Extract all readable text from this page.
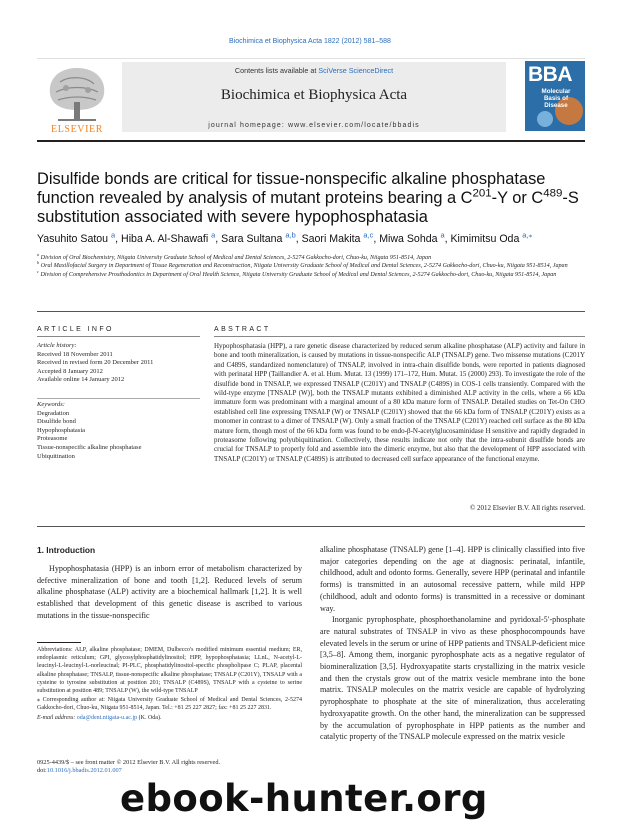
Biochimica et Biophysica Acta 1822 (2012) 581–588
ELSEVIER
Contents lists available at SciVerse ScienceDirect
Biochimica et Biophysica Acta
journal homepage: www.elsevier.com/locate/bbadis
BBA
Molecular
Basis of
Disease
Disulfide bonds are critical for tissue-nonspecific alkaline phosphatase function revealed by analysis of mutant proteins bearing a $C^{201}-Y$ or $C^{489}-S$ substitution associated with severe hypophosphatasia
Yasuhito Satou $^a$, Hiba A. Al-Shawafi $^a$, Sara Sultana $^{a,b}$, Saori Makita $^{a,c}$, Miwa Sohda $^a$, Kimimitsu Oda $^{a,⁎}$

$^a$ Division of Oral Biochemistry, Niigata University Graduate School of Medical and Dental Sciences, 2-5274 Gakkocho-dori, Chuo-ku, Niigata 951-8514, Japan

$^b$ Oral Maxillofacial Surgery in Department of Tissue Regeneration and Reconstruction, Niigata University Graduate School of Medical and Dental Sciences, 2-5274 Gakkocho-dori, Chuo-ku, Niigata 951-8514, Japan

$^c$ Division of Comprehensive Prosthodontics in Department of Oral Health Science, Niigata University Graduate School of Medical and Dental Sciences, 2-5274 Gakkocho-dori, Chuo-ku, Niigata 951-8514, Japan

ARTICLE INFO	ABSTRACT

Article history:

Received 18 November 2011

Received in revised form 20 December 2011

Accepted 8 January 2012

Available online 14 January 2012

Keywords:

Degradation

Disulfide bond

Hypophosphatasia

Proteasome

Tissue-nonspecific alkaline phosphatase

Ubiquitination

Hypophosphatasia (HPP), a rare genetic disease characterized by reduced serum alkaline phosphatase (ALP) activity and failure in bone and tooth mineralization, is caused by mutations in tissue-nonspecific ALP (TNSALP) gene. Two missense mutations (C201Y and C489S, standardized nomenclature) of TNSALP, involved in intra-chain disulfide bonds, were reported in patients diagnosed with perinatal HPP (Taillandier A. et al. Hum. Mutat. 13 (1999) 171–172, Hum. Mutat. 15 (2000) 293). To investigate the role of the disulfide bond in TNSALP, we expressed TNSALP (C201Y) and TNSALP (C489S) in COS-1 cells transiently. Compared with the wild-type enzyme [TNSALP (W)], both the TNSALP mutants exhibited a diminished ALP activity in the cells, where a 66 kDa immature form was predominant with a marginal amount of a 80 kDa mature form of TNSALP. Detailed studies on Tet-On CHO established cell line expressing TNSALP (W) or TNSALP (C201Y) showed that the 66 kDa form of TNSALP (C201Y) exists as a monomer in contrast to a dimer of TNSALP (W). Only a small fraction of the TNSALP (C201Y) reached cell surface as the 80 kDa mature form, though most of the 66 kDa form was found to be endo-β-N-acetylglucosaminidase H sensitive and rapidly degraded in proteasome following polyubiquitination. Collectively, these results indicate not only that the intra-subunit disulfide bonds are crucial for TNSALP to properly fold and assemble into the dimeric enzyme, but also that the development of HPP associated with TNSALP (C201Y) or TNSALP (C489S) is attributed to decreased cell surface appearance of the functional enzyme.
© 2012 Elsevier B.V. All rights reserved.
1. Introduction

Hypophosphatasia (HPP) is an inborn error of metabolism characterized by defective mineralization of bone and tooth [1,2]. Reduced levels of serum alkaline phosphatase (ALP) activity are a biochemical hallmark [1,2]. It is well established that development of this genetic disease is ascribed to various mutations in the tissue-nonspecific

alkaline phosphatase (TNSALP) gene [1–4]. HPP is clinically classified into five major categories depending on the age at diagnosis: perinatal, infantile, childhood, adult and odonto forms. Generally, severe HPP (perinatal and infantile forms) is transmitted in an autosomal recessive pattern, while mild HPP (childhood, adult and odonto forms) is transmitted in a recessive or dominant way.

Inorganic pyrophosphate, phosphoethanolamine and pyridoxal-5′-phosphate are natural substrates of TNSALP in vivo as these phosphocompounds have elevated levels in the serum or urine of HPP patients and TNSALP-deficient mice [3,5–8]. Among them, inorganic pyrophosphate acts as a negative regulator of biomineralization [3,5]. Hydroxyapatite starts crystallizing in the matrix vesicle and then the crystals grow out of the matrix vesicle membrane into the bone matrix. TNSALP molecules on the matrix vesicle are capable of hydrolyzing pyrophosphate to phosphate at the site of mineralization, thus accelerating hydroxyapatite growth. On the other hand, the mineralization can be suppressed by the accumulation of pyrophosphate in HPP patients as the number and catalytic property of the TNSALP molecule expressed on the matrix vesicle

Abbreviations: ALP, alkaline phosphatase; DMEM, Dulbecco's modified minimum essential medium; ER, endoplasmic reticulum; GPI, glycosylphosphatidylinositol; HPP, hypophosphatasia; LLnL, N-acetyl-L-leucinyl-L-leucinyl-L-norleucinal; PI-PLC, phosphatidylinositol-specific phospholipase C; PLAP, placental alkaline phosphatase; TNSALP, tissue-nonspecific alkaline phosphatase; TNSALP (C201Y), TNSALP with a cysteine to tyrosine substitution at position 201; TNSALP (C489S), TNSALP with a cysteine to serine substitution at position 489; TNSALP (W), the wild-type TNSALP

⁎ Corresponding author at: Niigata University Graduate School of Medical and Dental Sciences, 2-5274 Gakkocho-dori, Chuo-ku, Niigata 951-8514, Japan. Tel.: +81 25 227 2827; fax: +81 25 227 2831.

E-mail address: oda@dent.niigata-u.ac.jp (K. Oda).

0925-4439/$ – see front matter © 2012 Elsevier B.V. All rights reserved.

doi:10.1016/j.bbadis.2012.01.007

ebook-hunter.org
